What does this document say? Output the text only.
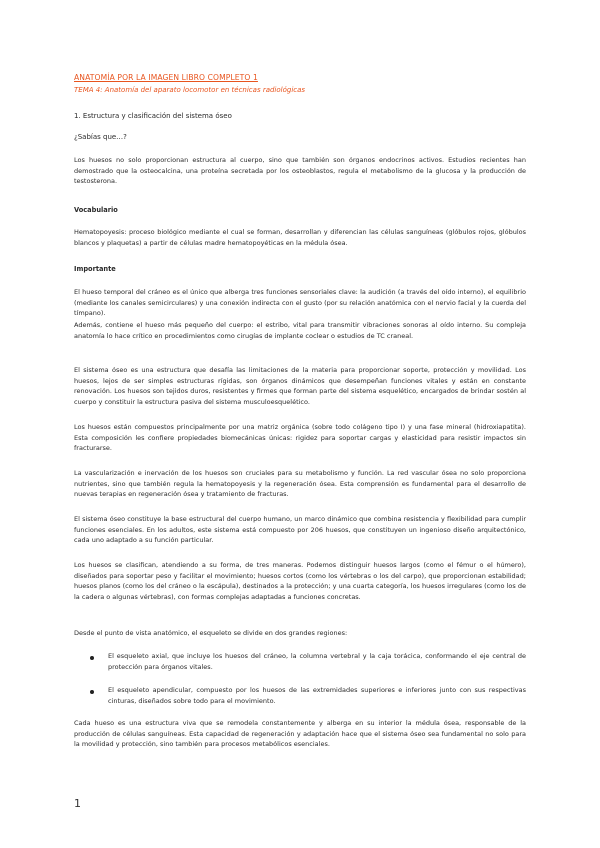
ANATOMÍA POR LA IMAGEN LIBRO COMPLETO 1
TEMA 4: Anatomía del aparato locomotor en técnicas radiológicas
1. Estructura y clasificación del sistema óseo
¿Sabías que…?
Los huesos no solo proporcionan estructura al cuerpo, sino que también son órganos endocrinos activos. Estudios recientes han demostrado que la osteocalcina, una proteína secretada por los osteoblastos, regula el metabolismo de la glucosa y la producción de testosterona.
Vocabulario
Hematopoyesis: proceso biológico mediante el cual se forman, desarrollan y diferencian las células sanguíneas (glóbulos rojos, glóbulos blancos y plaquetas) a partir de células madre hematopoyéticas en la médula ósea.
Importante
El hueso temporal del cráneo es el único que alberga tres funciones sensoriales clave: la audición (a través del oído interno), el equilibrio (mediante los canales semicirculares) y una conexión indirecta con el gusto (por su relación anatómica con el nervio facial y la cuerda del tímpano).
Además, contiene el hueso más pequeño del cuerpo: el estribo, vital para transmitir vibraciones sonoras al oído interno. Su compleja anatomía lo hace crítico en procedimientos como cirugías de implante coclear o estudios de TC craneal.
El sistema óseo es una estructura que desafía las limitaciones de la materia para proporcionar soporte, protección y movilidad. Los huesos, lejos de ser simples estructuras rígidas, son órganos dinámicos que desempeñan funciones vitales y están en constante renovación. Los huesos son tejidos duros, resistentes y firmes que forman parte del sistema esquelético, encargados de brindar sostén al cuerpo y constituir la estructura pasiva del sistema musculoesquelético.
Los huesos están compuestos principalmente por una matriz orgánica (sobre todo colágeno tipo I) y una fase mineral (hidroxiapatita). Esta composición les confiere propiedades biomecánicas únicas: rigidez para soportar cargas y elasticidad para resistir impactos sin fracturarse.
La vascularización e inervación de los huesos son cruciales para su metabolismo y función. La red vascular ósea no solo proporciona nutrientes, sino que también regula la hematopoyesis y la regeneración ósea. Esta comprensión es fundamental para el desarrollo de nuevas terapias en regeneración ósea y tratamiento de fracturas.
El sistema óseo constituye la base estructural del cuerpo humano, un marco dinámico que combina resistencia y flexibilidad para cumplir funciones esenciales. En los adultos, este sistema está compuesto por 206 huesos, que constituyen un ingenioso diseño arquitectónico, cada uno adaptado a su función particular.
Los huesos se clasifican, atendiendo a su forma, de tres maneras. Podemos distinguir huesos largos (como el fémur o el húmero), diseñados para soportar peso y facilitar el movimiento; huesos cortos (como los vértebras o los del carpo), que proporcionan estabilidad; huesos planos (como los del cráneo o la escápula), destinados a la protección; y una cuarta categoría, los huesos irregulares (como los de la cadera o algunas vértebras), con formas complejas adaptadas a funciones concretas.
Desde el punto de vista anatómico, el esqueleto se divide en dos grandes regiones:
El esqueleto axial, que incluye los huesos del cráneo, la columna vertebral y la caja torácica, conformando el eje central de protección para órganos vitales.
El esqueleto apendicular, compuesto por los huesos de las extremidades superiores e inferiores junto con sus respectivas cinturas, diseñados sobre todo para el movimiento.
Cada hueso es una estructura viva que se remodela constantemente y alberga en su interior la médula ósea, responsable de la producción de células sanguíneas. Esta capacidad de regeneración y adaptación hace que el sistema óseo sea fundamental no solo para la movilidad y protección, sino también para procesos metabólicos esenciales.
1
